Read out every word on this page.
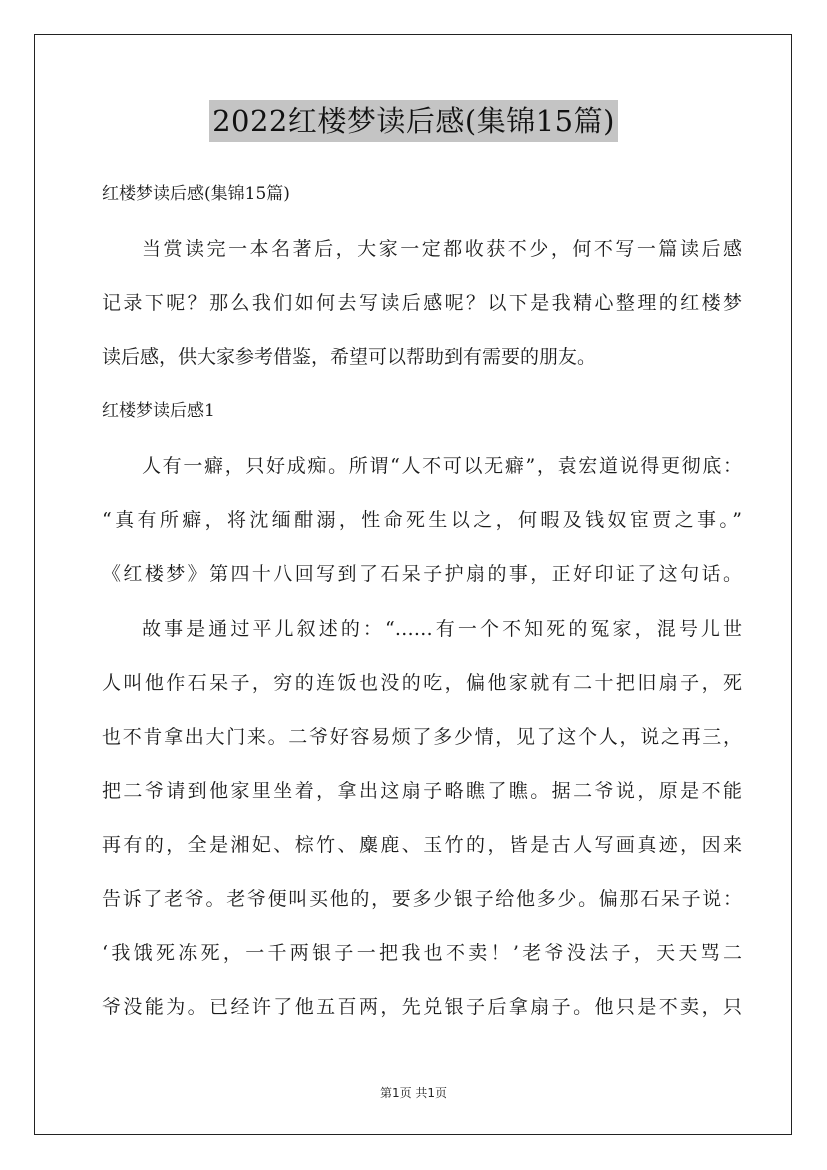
2022红楼梦读后感(集锦15篇)
红楼梦读后感(集锦15篇)
当赏读完一本名著后，大家一定都收获不少，何不写一篇读后感
记录下呢？那么我们如何去写读后感呢？以下是我精心整理的红楼梦
读后感，供大家参考借鉴，希望可以帮助到有需要的朋友。
红楼梦读后感1
人有一癖，只好成痴。所谓“人不可以无癖”，袁宏道说得更彻底：
“真有所癖，将沈缅酣溺，性命死生以之，何暇及钱奴宦贾之事。”
《红楼梦》第四十八回写到了石呆子护扇的事，正好印证了这句话。
故事是通过平儿叙述的：“……有一个不知死的冤家，混号儿世
人叫他作石呆子，穷的连饭也没的吃，偏他家就有二十把旧扇子，死
也不肯拿出大门来。二爷好容易烦了多少情，见了这个人，说之再三，
把二爷请到他家里坐着，拿出这扇子略瞧了瞧。据二爷说，原是不能
再有的，全是湘妃、棕竹、麋鹿、玉竹的，皆是古人写画真迹，因来
告诉了老爷。老爷便叫买他的，要多少银子给他多少。偏那石呆子说：
‘我饿死冻死，一千两银子一把我也不卖！’老爷没法子，天天骂二
爷没能为。已经许了他五百两，先兑银子后拿扇子。他只是不卖，只
第1页 共1页
